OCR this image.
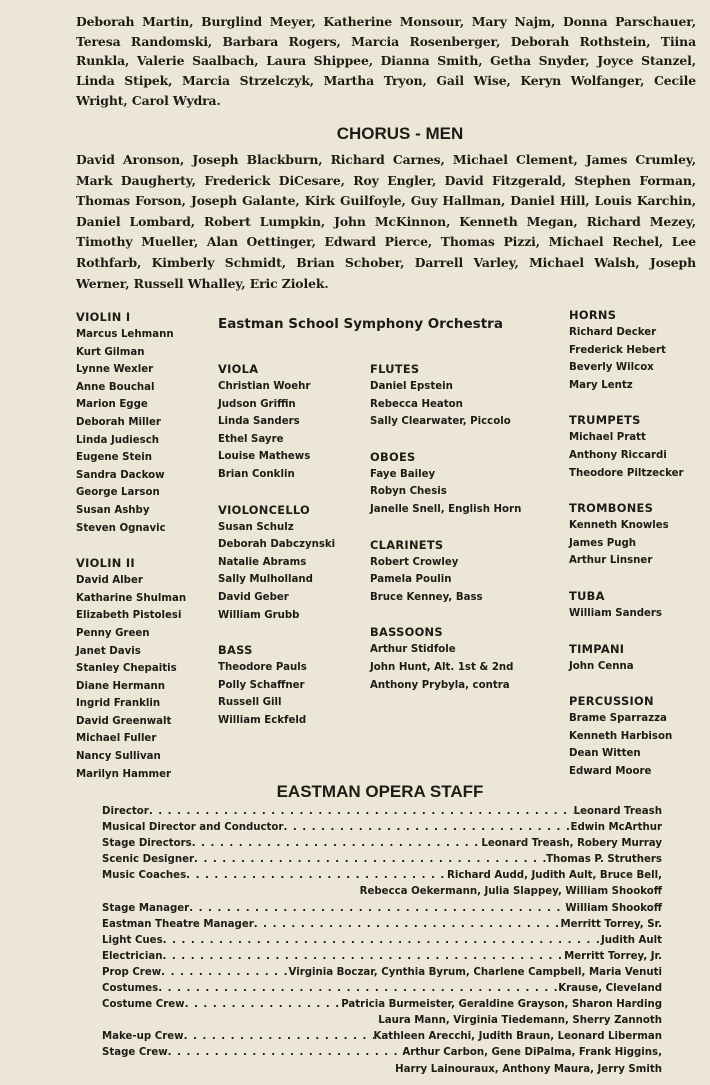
Deborah Martin, Burglind Meyer, Katherine Monsour, Mary Najm, Donna Parschauer, Teresa Randomski, Barbara Rogers, Marcia Rosenberger, Deborah Rothstein, Tiina Runkla, Valerie Saalbach, Laura Shippee, Dianna Smith, Getha Snyder, Joyce Stanzel, Linda Stipek, Marcia Strzelczyk, Martha Tryon, Gail Wise, Keryn Wolfanger, Cecile Wright, Carol Wydra.
CHORUS - MEN
David Aronson, Joseph Blackburn, Richard Carnes, Michael Clement, James Crumley, Mark Daugherty, Frederick DiCesare, Roy Engler, David Fitzgerald, Stephen Forman, Thomas Forson, Joseph Galante, Kirk Guilfoyle, Guy Hallman, Daniel Hill, Louis Karchin, Daniel Lombard, Robert Lumpkin, John McKinnon, Kenneth Megan, Richard Mezey, Timothy Mueller, Alan Oettinger, Edward Pierce, Thomas Pizzi, Michael Rechel, Lee Rothfarb, Kimberly Schmidt, Brian Schober, Darrell Varley, Michael Walsh, Joseph Werner, Russell Whalley, Eric Ziolek.
Eastman School Symphony Orchestra
VIOLIN I
Marcus Lehmann
Kurt Gilman
Lynne Wexler
Anne Bouchal
Marion Egge
Deborah Miller
Linda Judiesch
Eugene Stein
Sandra Dackow
George Larson
Susan Ashby
Steven Ognavic
VIOLIN II
David Alber
Katharine Shulman
Elizabeth Pistolesi
Penny Green
Janet Davis
Stanley Chepaitis
Diane Hermann
Ingrid Franklin
David Greenwalt
Michael Fuller
Nancy Sullivan
Marilyn Hammer
VIOLA
Christian Woehr
Judson Griffin
Linda Sanders
Ethel Sayre
Louise Mathews
Brian Conklin
VIOLONCELLO
Susan Schulz
Deborah Dabczynski
Natalie Abrams
Sally Mulholland
David Geber
William Grubb
BASS
Theodore Pauls
Polly Schaffner
Russell Gill
William Eckfeld
FLUTES
Daniel Epstein
Rebecca Heaton
Sally Clearwater, Piccolo
OBOES
Faye Bailey
Robyn Chesis
Janelle Snell, English Horn
CLARINETS
Robert Crowley
Pamela Poulin
Bruce Kenney, Bass
BASSOONS
Arthur Stidfole
John Hunt, Alt. 1st & 2nd
Anthony Prybyla, contra
HORNS
Richard Decker
Frederick Hebert
Beverly Wilcox
Mary Lentz
TRUMPETS
Michael Pratt
Anthony Riccardi
Theodore Piltzecker
TROMBONES
Kenneth Knowles
James Pugh
Arthur Linsner
TUBA
William Sanders
TIMPANI
John Cenna
PERCUSSION
Brame Sparrazza
Kenneth Harbison
Dean Witten
Edward Moore
EASTMAN OPERA STAFF
Director . . .	Leonard Treash
Musical Director and Conductor . . .	Edwin McArthur
Stage Directors . . .	Leonard Treash, Robery Murray
Scenic Designer . . .	Thomas P. Struthers
Music Coaches . . .	Richard Audd, Judith Ault, Bruce Bell,
Rebecca Oekermann, Julia Slappey, William Shookoff
Stage Manager . . .	William Shookoff
Eastman Theatre Manager . . .	Merritt Torrey, Sr.
Light Cues . . .	Judith Ault
Electrician . . .	Merritt Torrey, Jr.
Prop Crew . . .	Virginia Boczar, Cynthia Byrum, Charlene Campbell, Maria Venuti
Costumes . . .	Krause, Cleveland
Costume Crew . . .	Patricia Burmeister, Geraldine Grayson, Sharon Harding
Laura Mann, Virginia Tiedemann, Sherry Zannoth
Make-up Crew . . .	Kathleen Arecchi, Judith Braun, Leonard Liberman
Stage Crew . . .	Arthur Carbon, Gene DiPalma, Frank Higgins,
Harry Lainouraux, Anthony Maura, Jerry Smith
